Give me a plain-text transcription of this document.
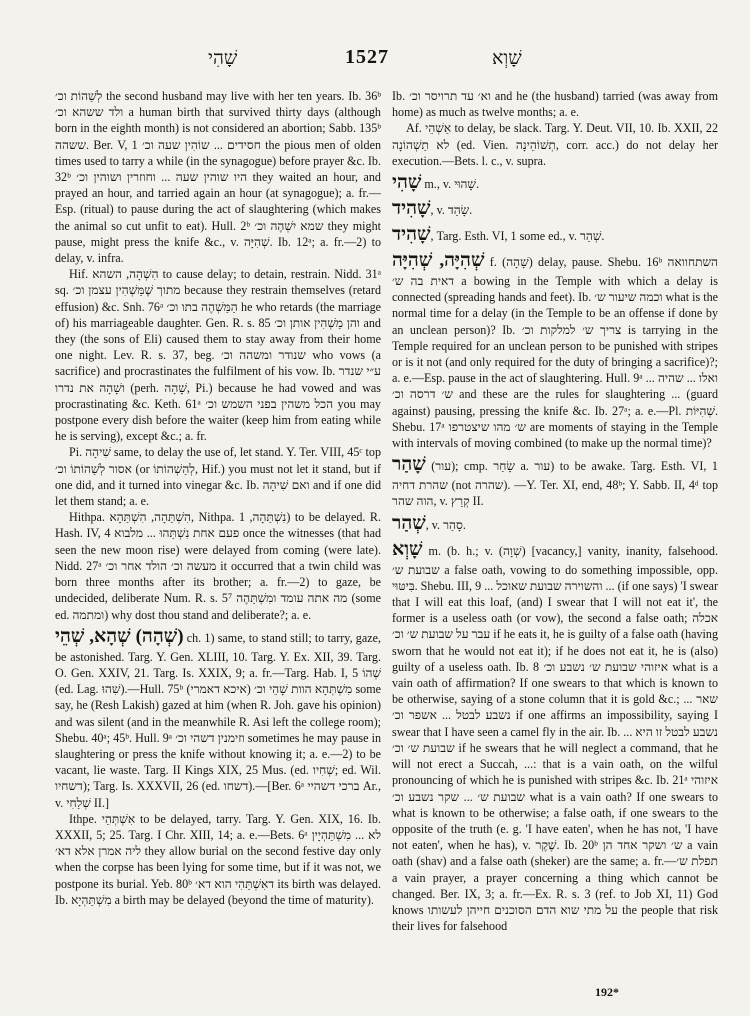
שָׁהִי	1527	שָׁוְא

לְשַׁהוֹת וכ׳ the second husband may live with her ten years. Ib. 36ᵇ ולד ששהא וכ׳ a human birth that survived thirty days (although born in the eighth month) is not considered an abortion; Sabb. 135ᵇ ששהה. Ber. V, 1 חסידים ... שוֹהִין שעה וכ׳ the pious men of olden times used to tarry a while (in the synagogue) before prayer &c. Ib. 32ᵇ היו שוהין שעה ... וחוזרין ושוהין וכ׳ they waited an hour, and prayed an hour, and tarried again an hour (at synagogue); a. fr.—Esp. (ritual) to pause during the act of slaughtering (which makes the animal so cut unfit to eat). Hull. 2ᵇ שמא יִשְׁהֶה וכ׳ they might pause, might press the knife &c., v. שְׁהִיָּה. Ib. 12ᵃ; a. fr.—2) to delay, v. infra.

Hif. הִשְׁהָה, השהא to cause delay; to detain, restrain. Nidd. 31ᵃ sq. מתוך שֶׁמַּשְׁהִין עצמן וכ׳ because they restrain themselves (retard effusion) &c. Snh. 76ᵃ הַמַּשְׁהֶה בתו וכ׳ he who retards (the marriage of) his marriageable daughter. Gen. R. s. 85 והן מַשְׁהִין אותן וכ׳ and they (the sons of Eli) caused them to stay away from their home one night. Lev. R. s. 37, beg. שנודר ומשהה וכ׳ who vows (a sacrifice) and procrastinates the fulfilment of his vow. Ib. ע״י שנדר ושָׁהָה את נדרו (perh. שָׁהָה, Pi.) because he had vowed and was procrastinating &c. Keth. 61ᵃ הכל משהין בפני השמש וכ׳ you may postpone every dish before the waiter (keep him from eating while he is serving), except &c.; a. fr.

Pi. שִׁיהָה same, to delay the use of, let stand. Y. Ter. VIII, 45ᶜ top אסור לְשַׁהוֹתוֹ וכ׳ (or לְהַשְׁהוֹתוֹ, Hif.) you must not let it stand, but if one did, and it turned into vinegar &c. Ib. ואם שִׁיהָה and if one did let them stand; a. e.

Hithpa. הִשְׁתַּהָה, הִשְׁתַּהָא, Nithpa. נִשְׁתַּהָה, 1) to be delayed. R. Hash. IV, 4 פעם אחת נִשְׁתַּהוּ ... מלבוא once the witnesses (that had seen the new moon rise) were delayed from coming (were late). Nidd. 27ᵃ מעשה וכ׳ הולד אחר וכ׳ it occurred that a twin child was born three months after its brother; a. fr.—2) to gaze, be undecided, deliberate Num. R. s. 5⁷ מה אתה עומד ומִשְׁתַּהֶה (some ed. ומתמה) why dost thou stand and deliberate?; a. e.

(שְׁהָה) שְׁהָא, שְׁהֵי ch. 1) same, to stand still; to tarry, gaze, be astonished. Targ. Y. Gen. XLIII, 10. Targ. Y. Ex. XII, 39. Targ. O. Gen. XXIV, 21. Targ. Is. XXIX, 9; a. fr.—Targ. Hab. I, 5 שְׁהוֹ (ed. Lag. שִׁהוּ).—Hull. 75ᵇ (איכא דאמרי) מִשְׁתְּהָא הוות שָׁהֵי וכ׳ some say, he (Resh Lakish) gazed at him (when R. Joh. gave his opinion) and was silent (and in the meanwhile R. Asi left the college room); Shebu. 40ᵃ; 45ᵇ. Hull. 9ᵃ וזימנין דשהי וכ׳ sometimes he may pause in slaughtering or press the knife without knowing it; a. e.—2) to be vacant, lie waste. Targ. II Kings XIX, 25 Mus. (ed. שְׁחִיו; ed. Wil. דשחיו); Targ. Is. XXXVII, 26 (ed. דשחו).—[Ber. 6ᵃ ברכי דשהיי Ar., v. שְׁלַחִי II.]

Ithpe. אִשְׁתְּהֵי to be delayed, tarry. Targ. Y. Gen. XIX, 16. Ib. XXXII, 5; 25. Targ. I Chr. XIII, 14; a. e.—Bets. 6ᵃ לא ... מִשְׁתַּהְיָין ליה אמרן אלא דא׳ they allow burial on the second festive day only when the corpse has been lying for some time, but if it was not, we postpone its burial. Yeb. 80ᵇ דאִשְׁתַּהִי הוא דא׳ its birth was delayed. Ib. מִשְׁתַּהְיָא a birth may be delayed (beyond the time of maturity).

Ib. וא׳ עד תרויסר וכ׳ and he (the husband) tarried (was away from home) as much as twelve months; a. e.

Af. אַשְׁהֵי to delay, be slack. Targ. Y. Deut. VII, 10. Ib. XXII, 22 לא תַשְׁהוֹנָה (ed. Vien. תְשׁוֹהֵינָה, corr. acc.) do not delay her execution.—Bets. l. c., v. supra.

שָׁהִי m., v. שָׁהוּי.

שָׁהִיד, v. שָׂהַד.

שָׁהִיד, Targ. Esth. VI, 1 some ed., v. שְׁהַר.

שְׁהִיָּה, שְׁהִיָּה f. (שָׁהָה) delay, pause. Shebu. 16ᵇ השתחוואה דאית בה ש׳ a bowing in the Temple with which a delay is connected (spreading hands and feet). Ib. וכמה שיעור ש׳ what is the normal time for a delay (in the Temple to be an offense if done by an unclean person)? Ib. צריך ש׳ למלקות וכ׳ is tarrying in the Temple required for an unclean person to be punished with stripes or is it not (and only required for the duty of bringing a sacrifice)?; a. e.—Esp. pause in the act of slaughtering. Hull. 9ᵃ ... ואלו ... שהיה ש׳ דרסה וכ׳ and these are the rules for slaughtering ... (guard against) pausing, pressing the knife &c. Ib. 27ᵃ; a. e.—Pl. שְׁהִיּוֹת. Shebu. 17ᵃ ש׳ מהו שיצטרפו are moments of staying in the Temple with intervals of moving combined (to make up the normal time)?

שָׁהַר (עור); cmp. שָׂחַר a. עור) to be awake. Targ. Esth. VI, 1 שהרת דחיה (not שהרה). —Y. Ter. XI, end, 48ᵇ; Y. Sabb. II, 4ᵈ top הוה שהר, v. קְרַץ II.

שְׁהַר, v. סָהַר.

שָׁוְא m. (b. h.; v. (שְׁוָה) [vacancy,] vanity, inanity, falsehood. שבועת ש׳ a false oath, vowing to do something impossible, opp. בִּיטּוּי. Shebu. III, 9 ... והשוירה שבועת שאוכל ... (if one says) 'I swear that I will eat this loaf, (and) I swear that I will not eat it', the former is a useless oath (or vow), the second a false oath; אכלה עבר על שבועת ש׳ וכ׳ if he eats it, he is guilty of a false oath (having sworn that he would not eat it); if he does not eat it, he is (also) guilty of a useless oath. Ib. 8 איזוהי שבועת ש׳ נשבע וכ׳ what is a vain oath of affirmation? If one swears to that which is known to be otherwise, saying of a stone column that it is gold &c.; שאר ... נשבע לבטל ... אשפר וכ׳ if one affirms an impossibility, saying I swear that I have seen a camel fly in the air. Ib. ... נשבע לבטל זו היא שבועת ש׳ וכ׳ if he swears that he will neglect a command, that he will not erect a Succah, ...: that is a vain oath, on the wilful pronouncing of which he is punished with stripes &c. Ib. 21ᵃ איזוהי שבועת ש׳ ... שקר נשבע וכ׳ what is a vain oath? If one swears to what is known to be otherwise; a false oath, if one swears to the opposite of the truth (e. g. 'I have eaten', when he has not, 'I have not eaten', when he has), v. שֶׁקֶר. Ib. 20ᵇ ש׳ ושקר אחד הן a vain oath (shav) and a false oath (sheker) are the same; a. fr.—תפלת ש׳ a vain prayer, a prayer concerning a thing which cannot be changed. Ber. IX, 3; a. fr.—Ex. R. s. 3 (ref. to Job XI, 11) God knows על מתי שוא הדם הסוכנים חייהן לעשותו the people that risk their lives for falsehood

192*
